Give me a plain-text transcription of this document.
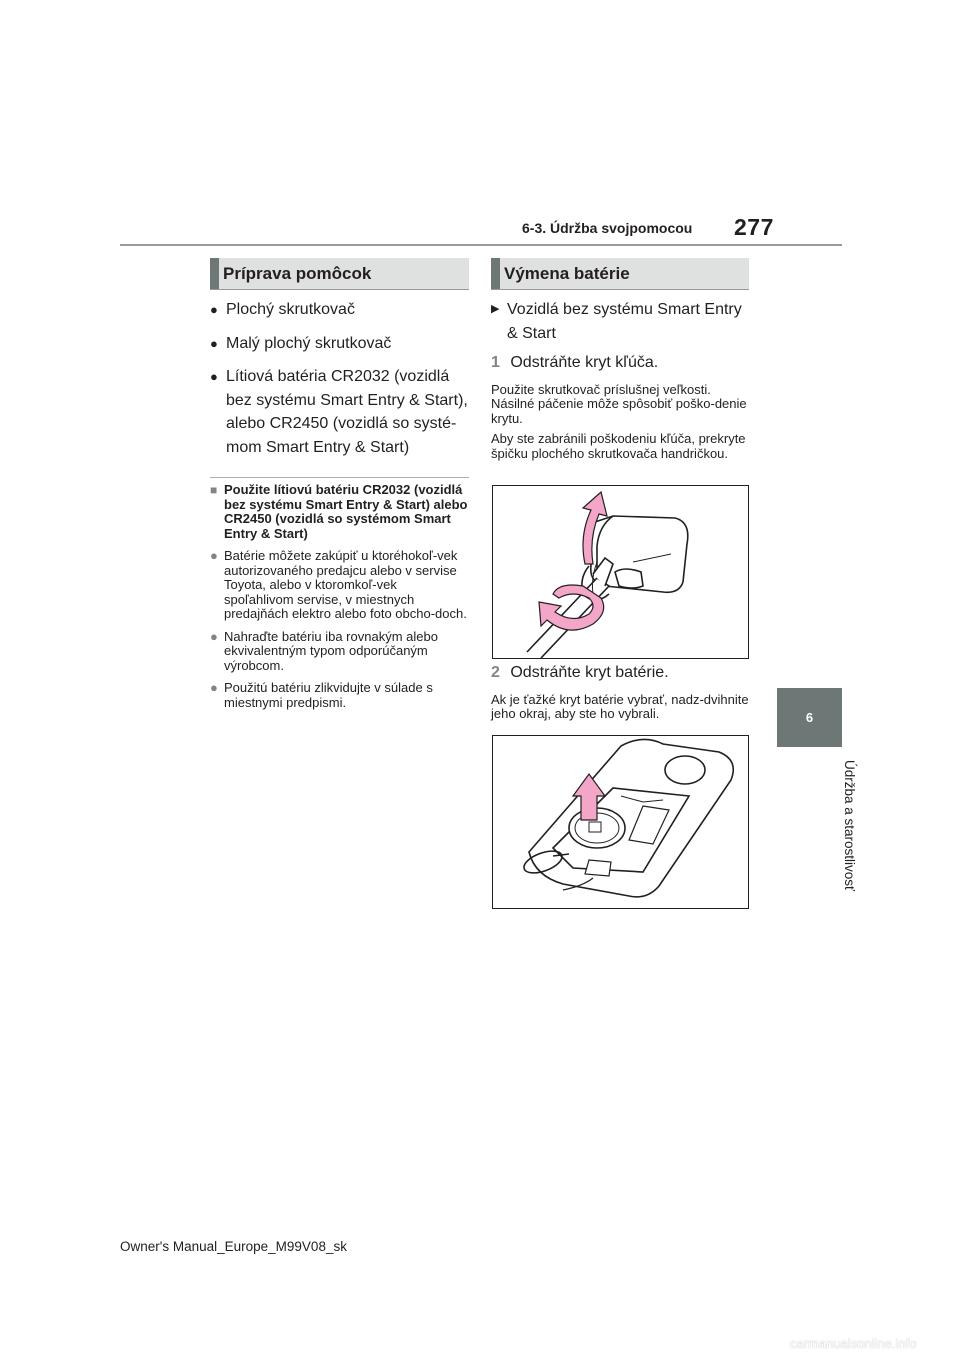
6-3. Údržba svojpomocou 277
6
Údržba a starostlivosť
Príprava pomôcok
● Plochý skrutkovač
● Malý plochý skrutkovač
● Lítiová batéria CR2032 (vozidlá bez systému Smart Entry & Start), alebo CR2450 (vozidlá so systé-mom Smart Entry & Start)
■ Použite lítiovú batériu CR2032 (vozidlá bez systému Smart Entry & Start) alebo CR2450 (vozidlá so systémom Smart Entry & Start)
● Batérie môžete zakúpiť u ktoréhokoľ-vek autorizovaného predajcu alebo v servise Toyota, alebo v ktoromkoľ-vek spoľahlivom servise, v miestnych predajňách elektro alebo foto obcho-doch.
● Nahraďte batériu iba rovnakým alebo ekvivalentným typom odporúčaným výrobcom.
● Použitú batériu zlikvidujte v súlade s miestnymi predpismi.
Výmena batérie
▶ Vozidlá bez systému Smart Entry & Start
1 Odstráňte kryt kľúča.
Použite skrutkovač príslušnej veľkosti. Násilné páčenie môže spôsobiť poško-denie krytu.
Aby ste zabránili poškodeniu kľúča, prekryte špičku plochého skrutkovača handričkou.
2 Odstráňte kryt batérie.
Ak je ťažké kryt batérie vybrať, nadz-dvihnite jeho okraj, aby ste ho vybrali.
Owner's Manual_Europe_M99V08_sk
carmanualsonline.info
